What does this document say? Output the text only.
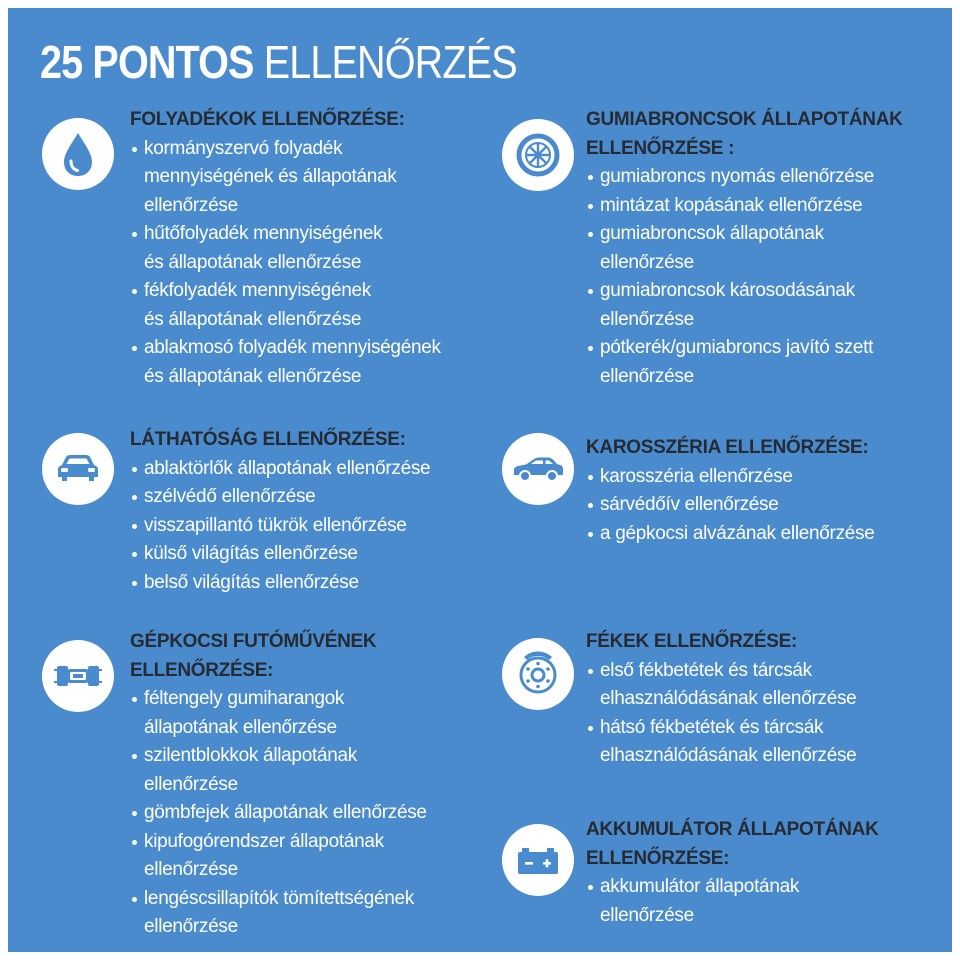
25 PONTOS ELLENŐRZÉS
FOLYADÉKOK ELLENŐRZÉSE:
kormányszervó folyadék
mennyiségének és állapotának
ellenőrzése
hűtőfolyadék mennyiségének
és állapotának ellenőrzése
fékfolyadék mennyiségének
és állapotának ellenőrzése
ablakmosó folyadék mennyiségének
és állapotának ellenőrzése
LÁTHATÓSÁG ELLENŐRZÉSE:
ablaktörlők állapotának ellenőrzése
szélvédő ellenőrzése
visszapillantó tükrök ellenőrzése
külső világítás ellenőrzése
belső világítás ellenőrzése
GÉPKOCSI FUTÓMŰVÉNEK
ELLENŐRZÉSE:
féltengely gumiharangok
állapotának ellenőrzése
szilentblokkok állapotának
ellenőrzése
gömbfejek állapotának ellenőrzése
kipufogórendszer állapotának
ellenőrzése
lengéscsillapítók tömítettségének
ellenőrzése
GUMIABRONCSOK ÁLLAPOTÁNAK
ELLENŐRZÉSE :
gumiabroncs nyomás ellenőrzése
mintázat kopásának ellenőrzése
gumiabroncsok állapotának
ellenőrzése
gumiabroncsok károsodásának
ellenőrzése
pótkerék/gumiabroncs javító szett
ellenőrzése
KAROSSZÉRIA ELLENŐRZÉSE:
karosszéria ellenőrzése
sárvédőív ellenőrzése
a gépkocsi alvázának ellenőrzése
FÉKEK ELLENŐRZÉSE:
első fékbetétek és tárcsák
elhasználódásának ellenőrzése
hátsó fékbetétek és tárcsák
elhasználódásának ellenőrzése
AKKUMULÁTOR ÁLLAPOTÁNAK
ELLENŐRZÉSE:
akkumulátor állapotának
ellenőrzése
